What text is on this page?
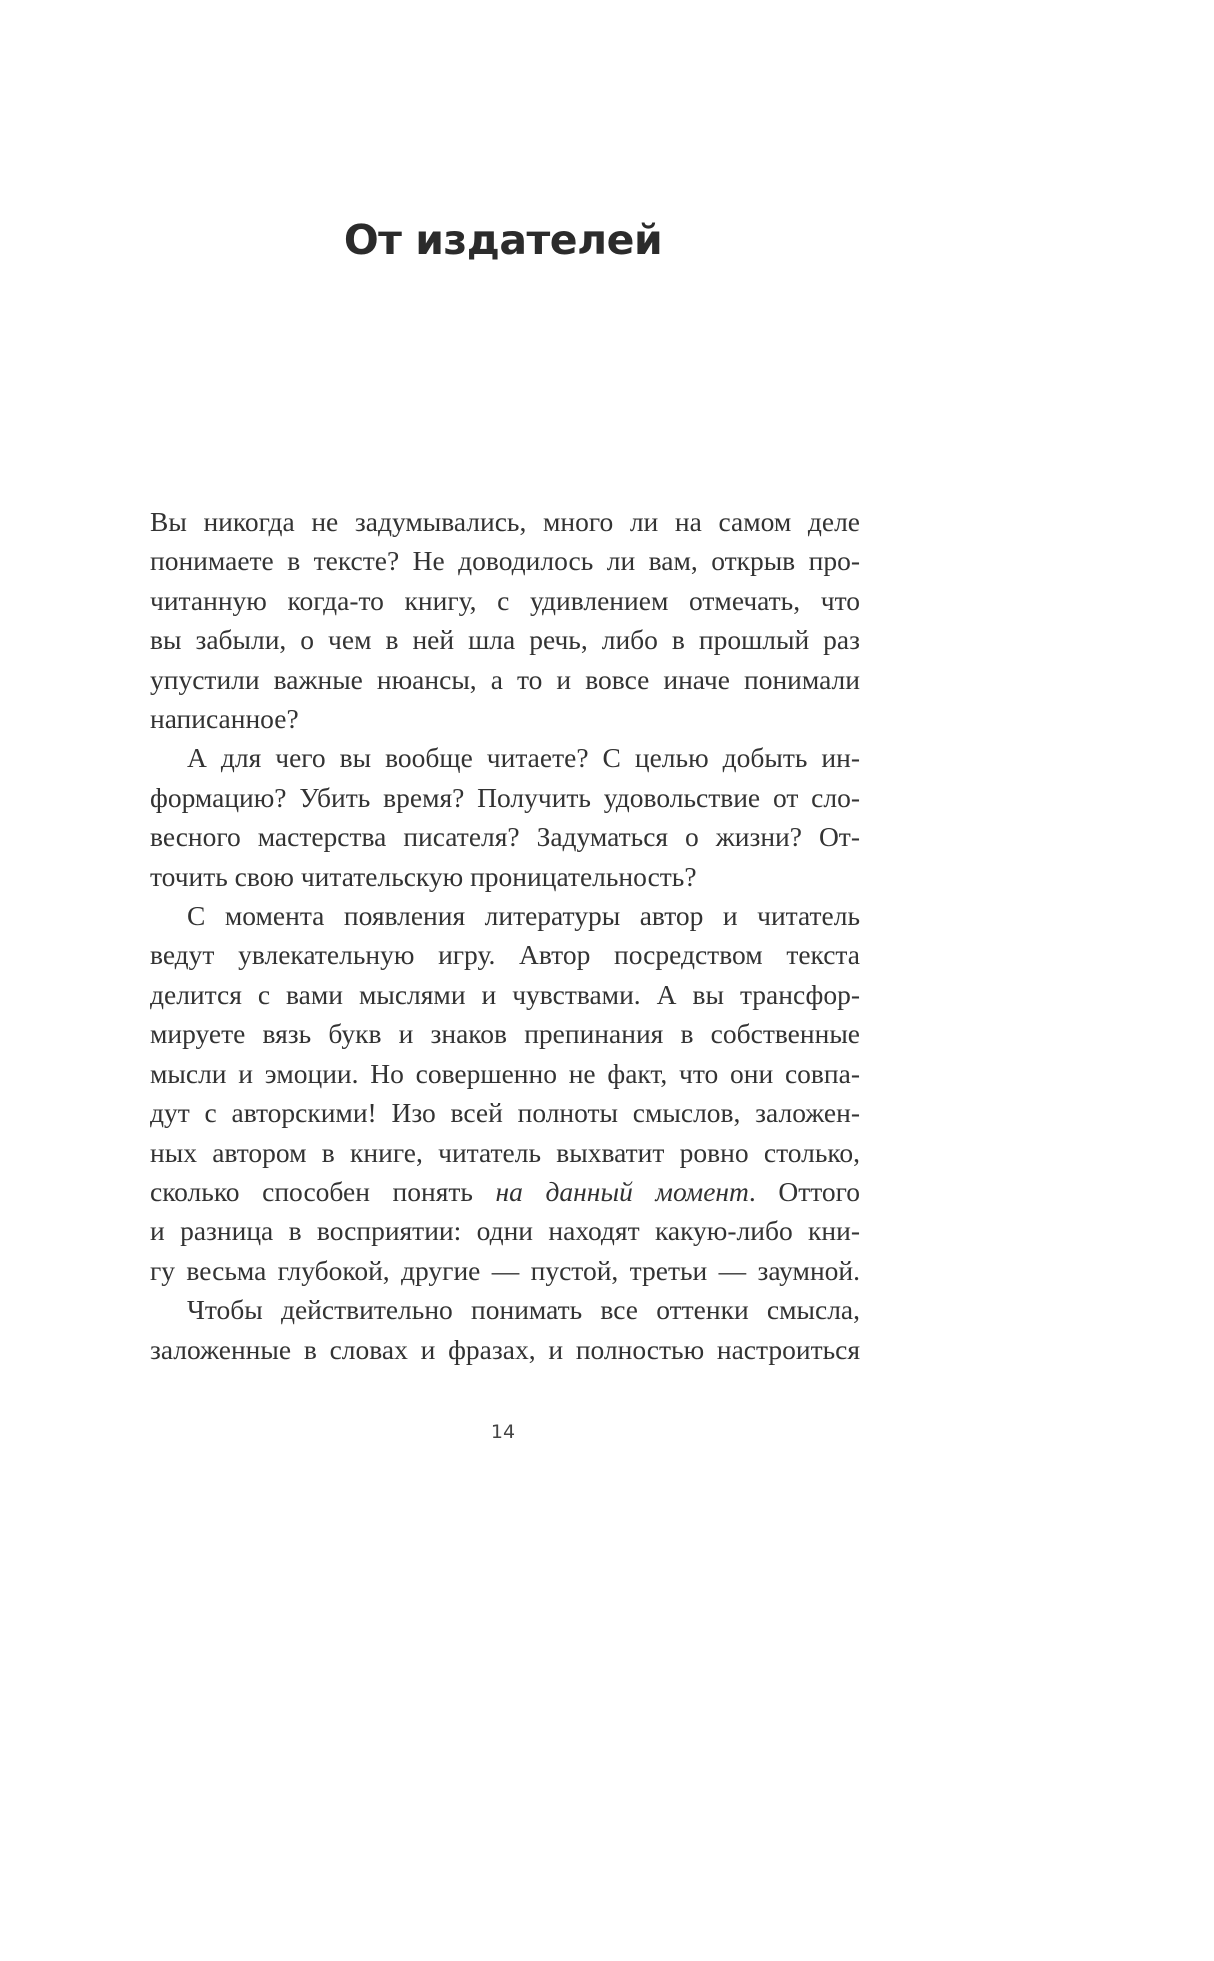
От издателей

Вы никогда не задумывались, много ли на самом деле
понимаете в тексте? Не доводилось ли вам, открыв про-
читанную когда-то книгу, с удивлением отмечать, что
вы забыли, о чем в ней шла речь, либо в прошлый раз
упустили важные нюансы, а то и вовсе иначе понимали
написанное?

А для чего вы вообще читаете? С целью добыть ин-
формацию? Убить время? Получить удовольствие от сло-
весного мастерства писателя? Задуматься о жизни? От-
точить свою читательскую проницательность?

С момента появления литературы автор и читатель
ведут увлекательную игру. Автор посредством текста
делится с вами мыслями и чувствами. А вы трансфор-
мируете вязь букв и знаков препинания в собственные
мысли и эмоции. Но совершенно не факт, что они совпа-
дут с авторскими! Изо всей полноты смыслов, заложен-
ных автором в книге, читатель выхватит ровно столько,
сколько способен понять на данный момент. Оттого
и разница в восприятии: одни находят какую-либо кни-
гу весьма глубокой, другие — пустой, третьи — заумной.

Чтобы действительно понимать все оттенки смысла,
заложенные в словах и фразах, и полностью настроиться

14
